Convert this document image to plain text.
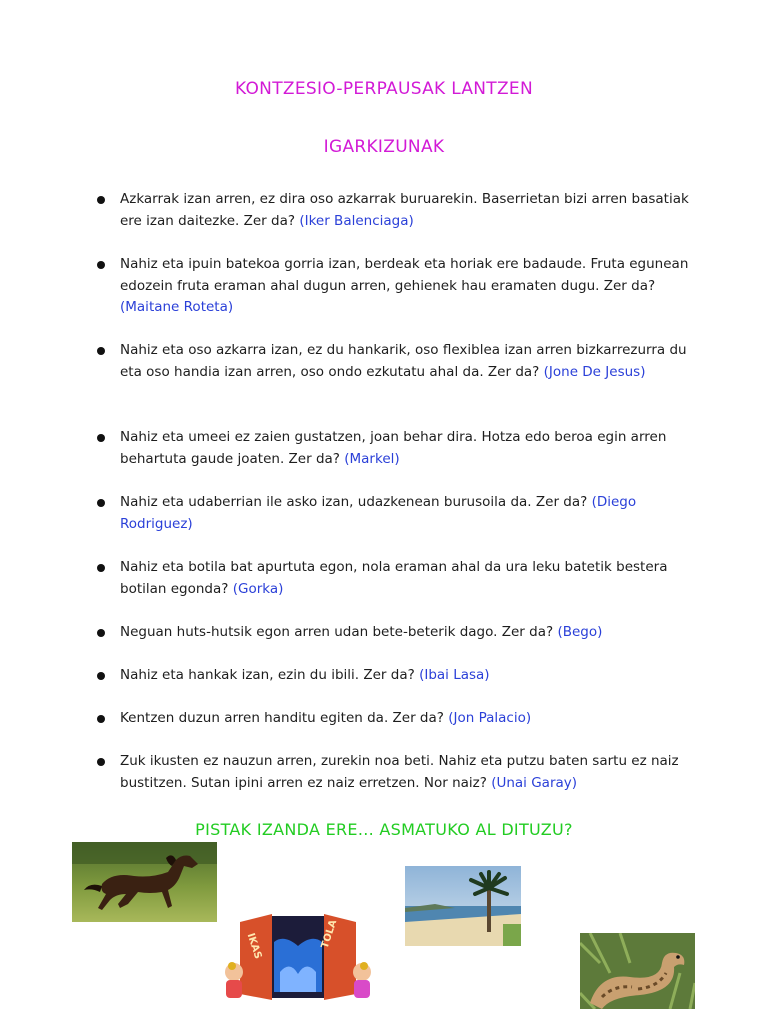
KONTZESIO-PERPAUSAK LANTZEN
IGARKIZUNAK
Azkarrak izan arren, ez dira oso azkarrak buruarekin. Baserrietan bizi arren basatiak ere izan daitezke. Zer da? (Iker Balenciaga)
Nahiz eta ipuin batekoa gorria izan, berdeak eta horiak ere badaude. Fruta egunean edozein fruta eraman ahal dugun arren, gehienek hau eramaten dugu. Zer da? (Maitane Roteta)
Nahiz eta oso azkarra izan, ez du hankarik, oso flexiblea izan arren bizkarrezurra du eta oso handia izan arren, oso ondo ezkutatu ahal da. Zer da? (Jone De Jesus)
Nahiz eta umeei ez zaien gustatzen, joan behar dira. Hotza edo beroa egin arren behartuta gaude joaten. Zer da? (Markel)
Nahiz eta udaberrian ile asko izan, udazkenean burusoila da. Zer da? (Diego Rodriguez)
Nahiz eta botila bat apurtuta egon, nola eraman ahal da ura leku batetik bestera botilan egonda? (Gorka)
Neguan huts-hutsik egon arren udan bete-beterik dago. Zer da? (Bego)
Nahiz eta hankak izan, ezin du ibili. Zer da? (Ibai Lasa)
Kentzen duzun arren handitu egiten da. Zer da? (Jon Palacio)
Zuk ikusten ez nauzun arren, zurekin noa beti. Nahiz eta putzu baten sartu ez naiz bustitzen. Sutan ipini arren ez naiz erretzen. Nor naiz? (Unai Garay)
PISTAK IZANDA ERE... ASMATUKO AL DITUZU?
IKAS	TOLA
